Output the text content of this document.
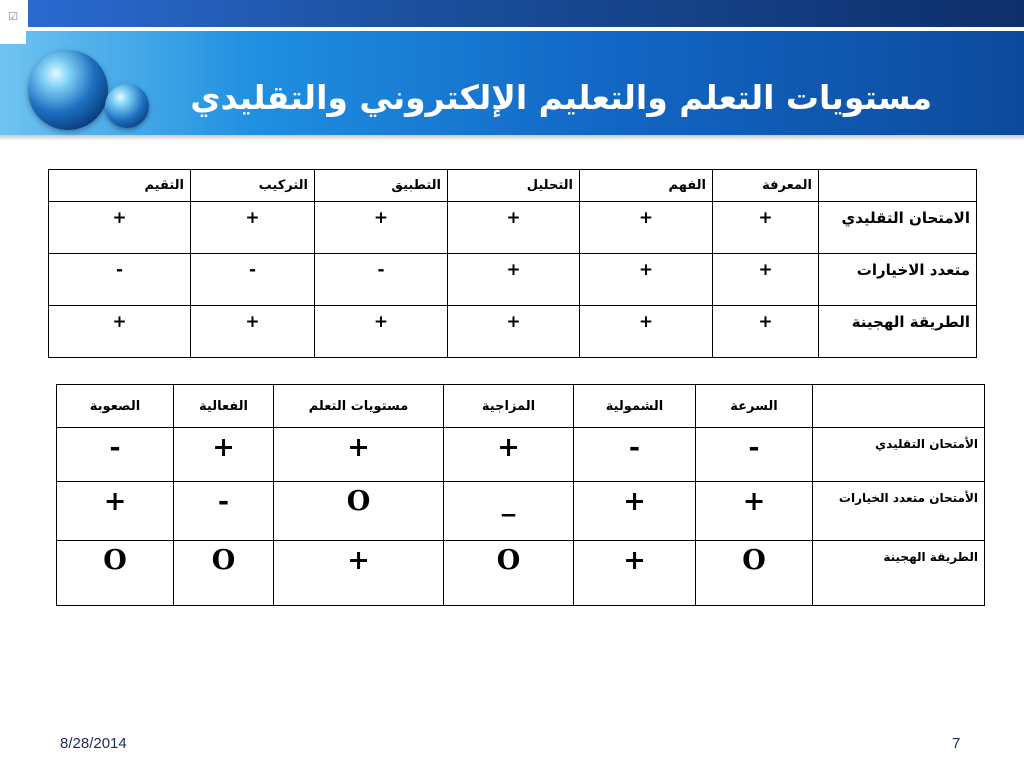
☑
مستويات التعلم والتعليم الإلكتروني والتقليدي
	المعرفة	الفهم	التحليل	التطبيق	التركيب	التقيم
الامتحان التقليدي	+	+	+	+	+	+
متعدد الاخيارات	+	+	+	-	-	-
الطريقة الهجينة	+	+	+	+	+	+
	السرعة	الشمولية	المزاجية	مستويات التعلم	الفعالية	الصعوبة
الأمتحان التقليدي	-	-	+	+	+	-
الأمتحان متعدد الخيارات	+	+	_	O	-	+
الطريقة الهجينة	O	+	O	+	O	O
8/28/2014	7
